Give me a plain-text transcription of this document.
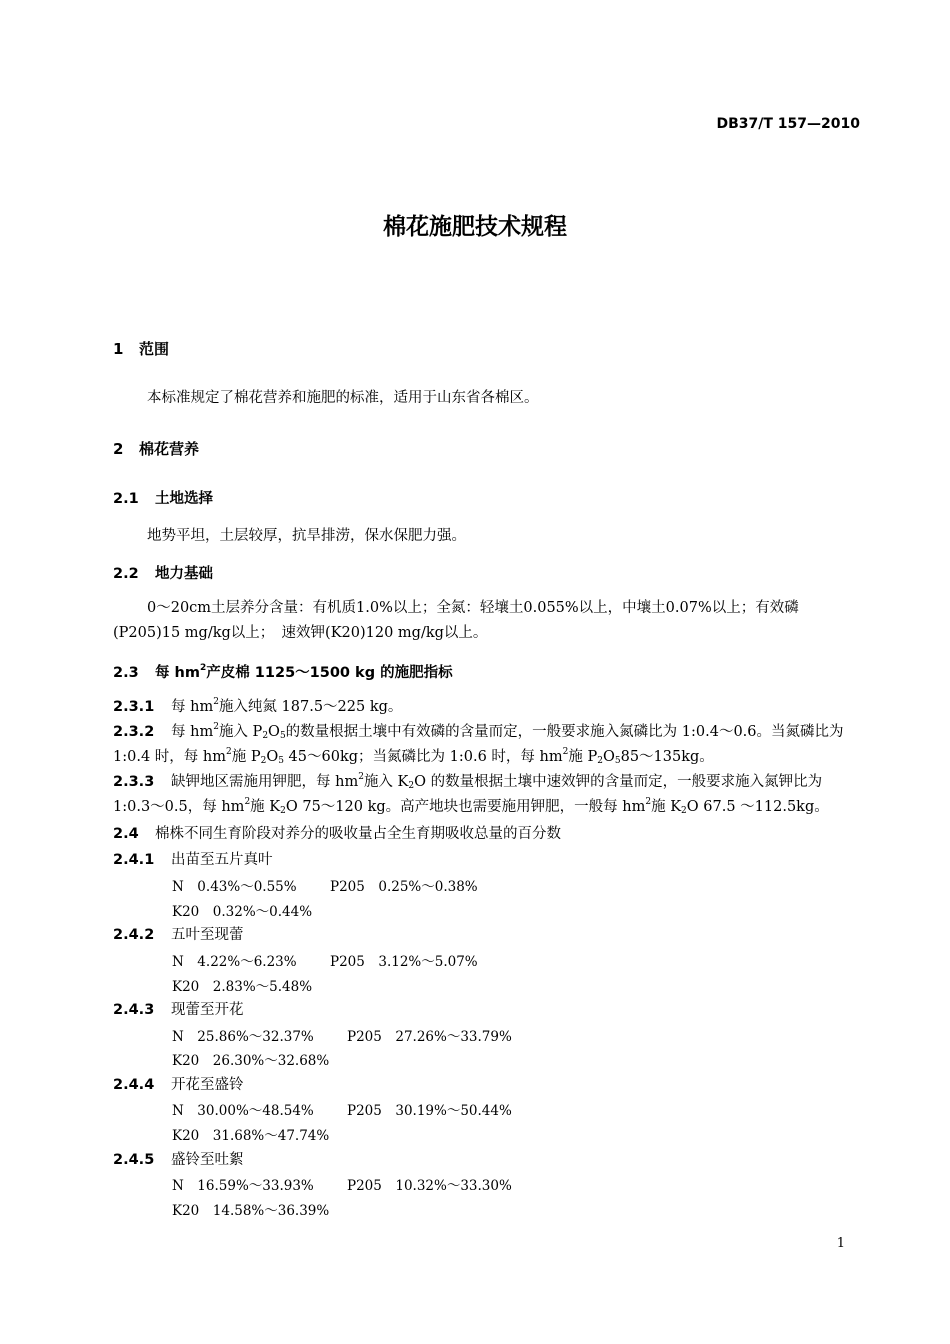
DB37/T 157—2010
棉花施肥技术规程
1 范围
本标准规定了棉花营养和施肥的标准，适用于山东省各棉区。
2 棉花营养
2.1 土地选择
地势平坦，土层较厚，抗旱排涝，保水保肥力强。
2.2 地力基础
0～20cm土层养分含量：有机质1.0%以上；全氮：轻壤土0.055%以上，中壤土0.07%以上；有效磷(P205)15 mg/kg以上；　速效钾(K20)120 mg/kg以上。
2.3 每 $hm^2$产皮棉 1125～1500 kg 的施肥指标
2.3.1 每 $hm^2$施入纯氮 187.5～225 kg。
2.3.2 每 $hm^2$施入 $P_2O_5$的数量根据土壤中有效磷的含量而定，一般要求施入氮磷比为 1:0.4～0.6。当氮磷比为 1:0.4 时，每 $hm^2$施 $P_2O_5$ 45～60kg；当氮磷比为 1:0.6 时，每 $hm^2$施 $P_2O_585\sim 135kg$。
2.3.3 缺钾地区需施用钾肥，每 $hm^2$施入 $K_2O$ 的数量根据土壤中速效钾的含量而定，一般要求施入氮钾比为 1:0.3～0.5，每 $hm^2$施 $K_2O$ 75～120 kg。高产地块也需要施用钾肥，一般每 $hm^2$施 $K_2O$ 67.5 ～112.5kg。
2.4 棉株不同生育阶段对养分的吸收量占全生育期吸收总量的百分数
2.4.1 出苗至五片真叶
N　0.43%～0.55% P205　0.25%～0.38%
K20　0.32%～0.44%
2.4.2 五叶至现蕾
N　4.22%～6.23% P205　3.12%～5.07%
K20　2.83%～5.48%
2.4.3 现蕾至开花
N　25.86%～32.37% P205　27.26%～33.79%
K20　26.30%～32.68%
2.4.4 开花至盛铃
N　30.00%～48.54% P205　30.19%～50.44%
K20　31.68%～47.74%
2.4.5 盛铃至吐絮
N　16.59%～33.93% P205　10.32%～33.30%
K20　14.58%～36.39%
1
